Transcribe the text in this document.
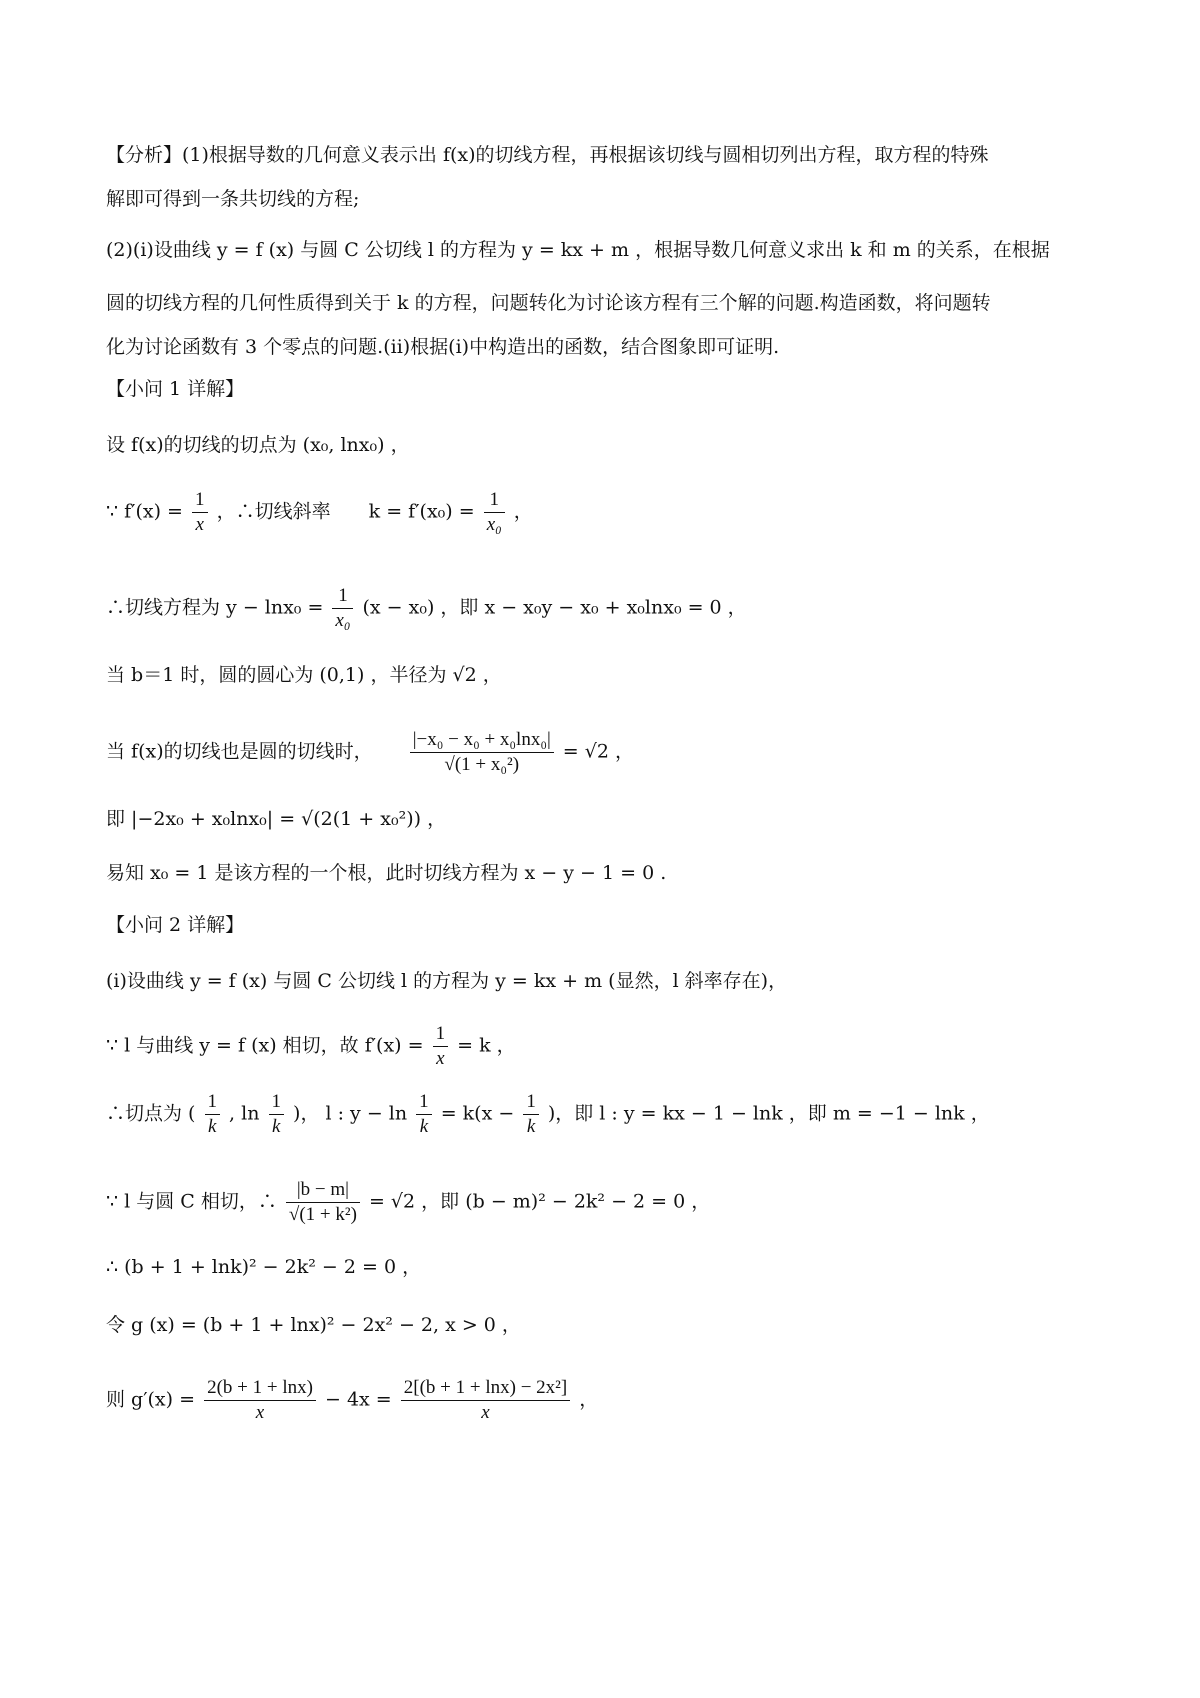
【分析】(1)根据导数的几何意义表示出 f(x)的切线方程，再根据该切线与圆相切列出方程，取方程的特殊
解即可得到一条共切线的方程;
(2)(i)设曲线 y = f (x) 与圆 C 公切线 l 的方程为 y = kx + m ，根据导数几何意义求出 k 和 m 的关系，在根据
圆的切线方程的几何性质得到关于 k 的方程，问题转化为讨论该方程有三个解的问题.构造函数，将问题转
化为讨论函数有 3 个零点的问题.(ii)根据(i)中构造出的函数，结合图象即可证明.
【小问 1 详解】
设 f(x)的切线的切点为 (x₀, lnx₀) ，
∵ $f'(x) = \frac{1}{x}$ ，∴切线斜率 $k = f'(x_0) = \frac{1}{\text{x₀}}$ ，
∴切线方程为 $y - \ln x_0 = \frac{1}{\text{x₀}} (x - x_0)$ ，即 x − x₀y − x₀ + x₀lnx₀ = 0 ，
当 b＝1 时，圆的圆心为 (0,1) ，半径为 √2 ，
当 f(x)的切线也是圆的切线时， $\frac{\text{|−x₀ − x₀ + x₀lnx₀|}}{\text{√(1 + x₀²)}} = √2$ ，
即 |−2x₀ + x₀lnx₀| = √(2(1 + x₀²)) ，
易知 x₀ = 1 是该方程的一个根，此时切线方程为 x − y − 1 = 0 .
【小问 2 详解】
(i)设曲线 y = f (x) 与圆 C 公切线 l 的方程为 y = kx + m (显然，l 斜率存在)，
∵ l 与曲线 y = f (x) 相切，故 $f'(x) = \frac{1}{x} = k$ ，
∴切点为 ( $\frac{1}{k}$ , $\ln \frac{1}{k}$ )， l : $y - \ln \frac{1}{k} = k(x - \frac{1}{k}$ )，即 l : y = kx − 1 − lnk ，即 m = −1 − lnk ，
∵ l 与圆 C 相切，∴ $\frac{|b - m|}{\text{√(1 + k²)}} = √2$ ，即 (b − m)² − 2k² − 2 = 0 ，
∴ (b + 1 + lnk)² − 2k² − 2 = 0 ，
令 g (x) = (b + 1 + lnx)² − 2x² − 2, x > 0 ，
则 $g'(x) = \frac{2(b + 1 + \ln x)}{x} - 4x = \frac{\text{2[(b + 1 + lnx) − 2x²]}}{x}$ ，
